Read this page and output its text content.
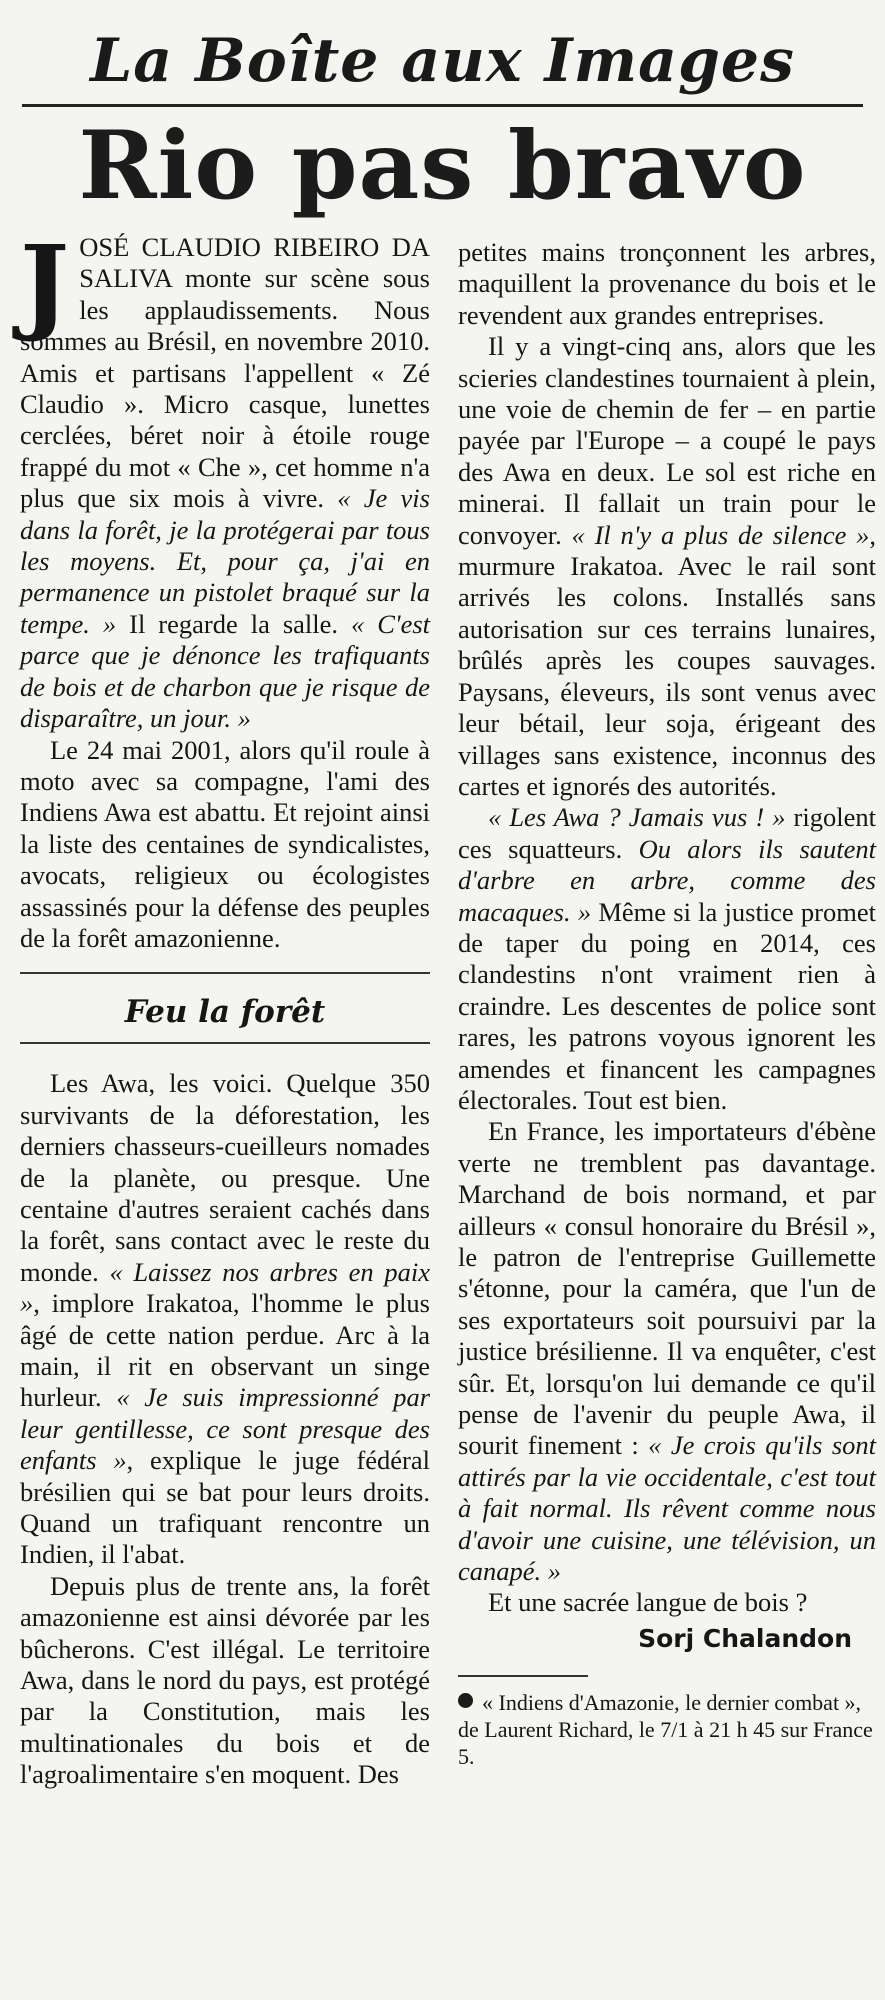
La Boîte aux Images
Rio pas bravo

JOSÉ CLAUDIO RIBEIRO DA SALIVA monte sur scène sous les applaudissements. Nous sommes au Brésil, en novembre 2010. Amis et partisans l'appellent « Zé Claudio ». Micro casque, lunettes cerclées, béret noir à étoile rouge frappé du mot « Che », cet homme n'a plus que six mois à vivre. « Je vis dans la forêt, je la protégerai par tous les moyens. Et, pour ça, j'ai en permanence un pistolet braqué sur la tempe. » Il regarde la salle. « C'est parce que je dénonce les trafiquants de bois et de charbon que je risque de disparaître, un jour. »

Le 24 mai 2001, alors qu'il roule à moto avec sa compagne, l'ami des Indiens Awa est abattu. Et rejoint ainsi la liste des centaines de syndicalistes, avocats, religieux ou écologistes assassinés pour la défense des peuples de la forêt amazonienne.

Feu la forêt

Les Awa, les voici. Quelque 350 survivants de la déforestation, les derniers chasseurs-cueilleurs nomades de la planète, ou presque. Une centaine d'autres seraient cachés dans la forêt, sans contact avec le reste du monde. « Laissez nos arbres en paix », implore Irakatoa, l'homme le plus âgé de cette nation perdue. Arc à la main, il rit en observant un singe hurleur. « Je suis impressionné par leur gentillesse, ce sont presque des enfants », explique le juge fédéral brésilien qui se bat pour leurs droits. Quand un trafiquant rencontre un Indien, il l'abat.

Depuis plus de trente ans, la forêt amazonienne est ainsi dévorée par les bûcherons. C'est illégal. Le territoire Awa, dans le nord du pays, est protégé par la Constitution, mais les multinationales du bois et de l'agroalimentaire s'en moquent. Des

petites mains tronçonnent les arbres, maquillent la provenance du bois et le revendent aux grandes entreprises.

Il y a vingt-cinq ans, alors que les scieries clandestines tournaient à plein, une voie de chemin de fer – en partie payée par l'Europe – a coupé le pays des Awa en deux. Le sol est riche en minerai. Il fallait un train pour le convoyer. « Il n'y a plus de silence », murmure Irakatoa. Avec le rail sont arrivés les colons. Installés sans autorisation sur ces terrains lunaires, brûlés après les coupes sauvages. Paysans, éleveurs, ils sont venus avec leur bétail, leur soja, érigeant des villages sans existence, inconnus des cartes et ignorés des autorités.

« Les Awa ? Jamais vus ! » rigolent ces squatteurs. Ou alors ils sautent d'arbre en arbre, comme des macaques. » Même si la justice promet de taper du poing en 2014, ces clandestins n'ont vraiment rien à craindre. Les descentes de police sont rares, les patrons voyous ignorent les amendes et financent les campagnes électorales. Tout est bien.

En France, les importateurs d'ébène verte ne tremblent pas davantage. Marchand de bois normand, et par ailleurs « consul honoraire du Brésil », le patron de l'entreprise Guillemette s'étonne, pour la caméra, que l'un de ses exportateurs soit poursuivi par la justice brésilienne. Il va enquêter, c'est sûr. Et, lorsqu'on lui demande ce qu'il pense de l'avenir du peuple Awa, il sourit finement : « Je crois qu'ils sont attirés par la vie occidentale, c'est tout à fait normal. Ils rêvent comme nous d'avoir une cuisine, une télévision, un canapé. »

Et une sacrée langue de bois ?

Sorj Chalandon

« Indiens d'Amazonie, le dernier combat », de Laurent Richard, le 7/1 à 21 h 45 sur France 5.
